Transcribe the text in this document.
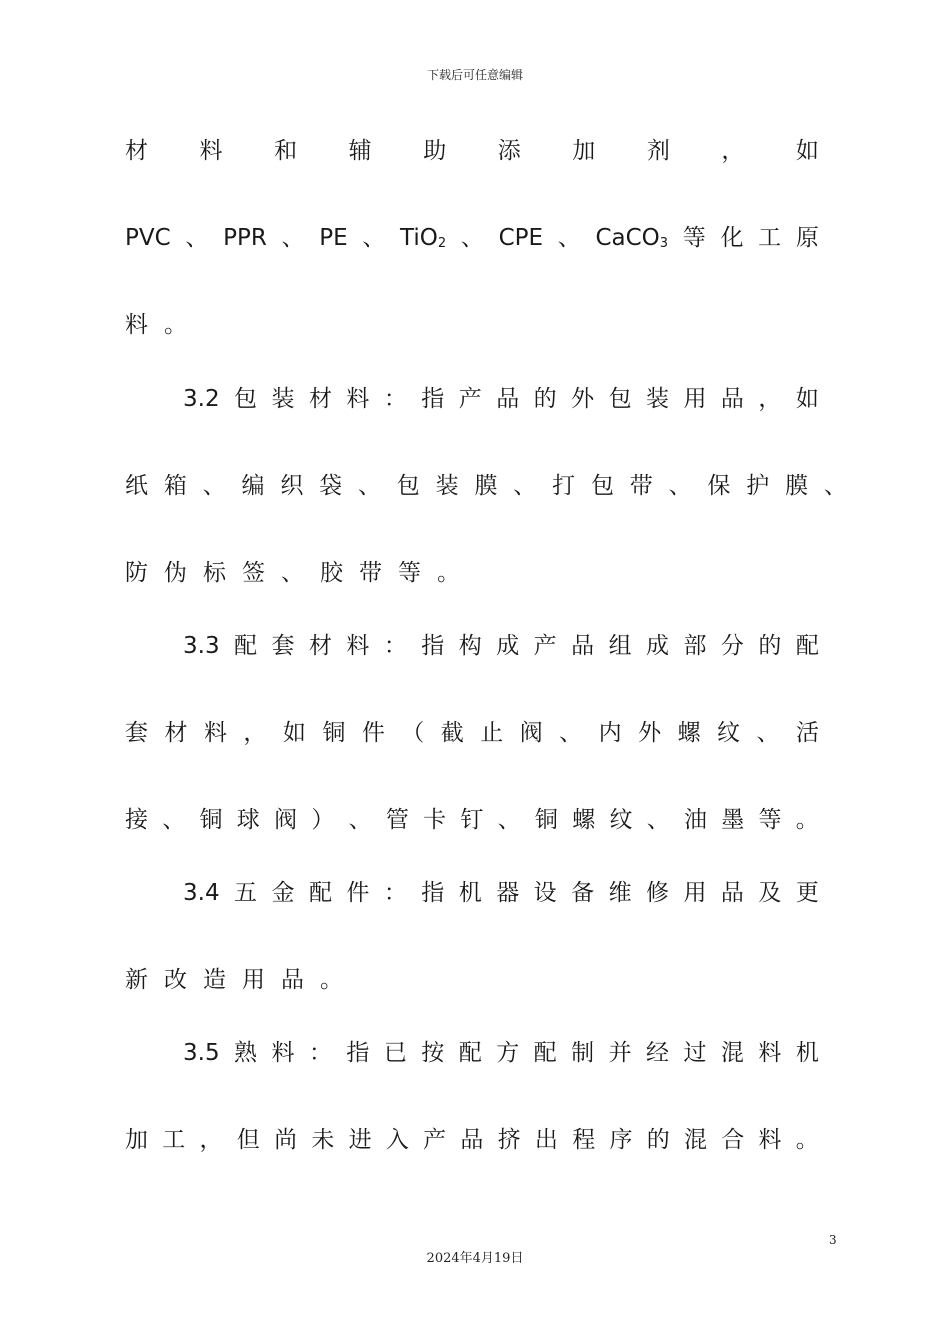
下载后可任意编辑
材 料 和 辅 助 添 加 剂 ， 如
PVC 、 PPR 、 PE 、 TiO$_2$ 、 CPE 、 CaCO$_3$ 等 化 工 原
料。
3.2 包 装 材 料 ： 指 产 品 的 外 包 装 用 品 ， 如
纸 箱 、 编 织 袋 、 包 装 膜 、 打 包 带 、 保 护 膜 、
防伪标签、胶带等。
3.3 配 套 材 料 ： 指 构 成 产 品 组 成 部 分 的 配
套 材 料 ， 如 铜 件 （ 截 止 阀 、 内 外 螺 纹 、 活
接 、 铜 球 阀 ） 、 管 卡 钉 、 铜 螺 纹 、 油 墨 等 。
3.4 五 金 配 件 ： 指 机 器 设 备 维 修 用 品 及 更
新改造用品。
3.5 熟 料 ： 指 已 按 配 方 配 制 并 经 过 混 料 机
加 工 ， 但 尚 未 进 入 产 品 挤 出 程 序 的 混 合 料 。
3
2024年4月19日
